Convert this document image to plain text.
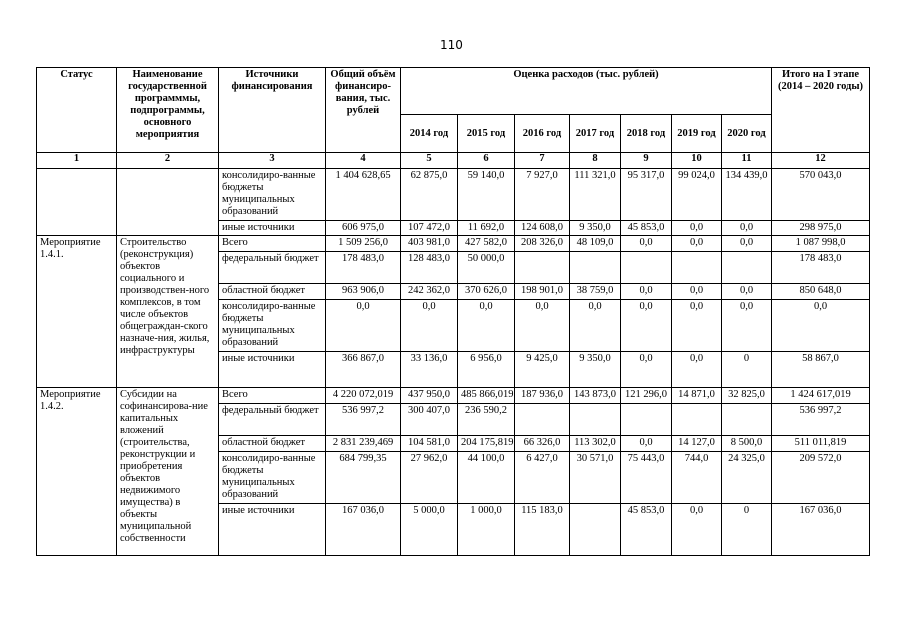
110
Статус	Наименование государственной программмы, подпрограммы, основного мероприятия	Источники финансирования	Общий объём финансиро-вания, тыс. рублей	Оценка расходов (тыс. рублей)							Итого на I этапе (2014 – 2020 годы)
				2014 год	2015 год	2016 год	2017 год	2018 год	2019 год	2020 год	
1	2	3	4	5	6	7	8	9	10	11	12
		консолидиро-ванные бюджеты муниципальных образований	1 404 628,65	62 875,0	59 140,0	7 927,0	111 321,0	95 317,0	99 024,0	134 439,0	570 043,0
		иные источники	606 975,0	107 472,0	11 692,0	124 608,0	9 350,0	45 853,0	0,0	0,0	298 975,0
Мероприятие 1.4.1.	Строительство (реконструкция) объектов социального и производствен-ного комплексов, в том числе объектов общеграждан-ского назначе-ния, жилья, инфраструктуры	Всего	1 509 256,0	403 981,0	427 582,0	208 326,0	48 109,0	0,0	0,0	0,0	1 087 998,0
		федеральный бюджет	178 483,0	128 483,0	50 000,0						178 483,0
		областной бюджет	963 906,0	242 362,0	370 626,0	198 901,0	38 759,0	0,0	0,0	0,0	850 648,0
		консолидиро-ванные бюджеты муниципальных образований	0,0	0,0	0,0	0,0	0,0	0,0	0,0	0,0	0,0
		иные источники	366 867,0	33 136,0	6 956,0	9 425,0	9 350,0	0,0	0,0	0	58 867,0
Мероприятие 1.4.2.	Субсидии на софинансирова-ние капитальных вложений (строительства, реконструкции и приобретения объектов недвижимого имущества) в объекты муниципальной собственности	Всего	4 220 072,019	437 950,0	485 866,019	187 936,0	143 873,0	121 296,0	14 871,0	32 825,0	1 424 617,019
		федеральный бюджет	536 997,2	300 407,0	236 590,2						536 997,2
		областной бюджет	2 831 239,469	104 581,0	204 175,819	66 326,0	113 302,0	0,0	14 127,0	8 500,0	511 011,819
		консолидиро-ванные бюджеты муниципальных образований	684 799,35	27 962,0	44 100,0	6 427,0	30 571,0	75 443,0	744,0	24 325,0	209 572,0
		иные источники	167 036,0	5 000,0	1 000,0	115 183,0		45 853,0	0,0	0	167 036,0
